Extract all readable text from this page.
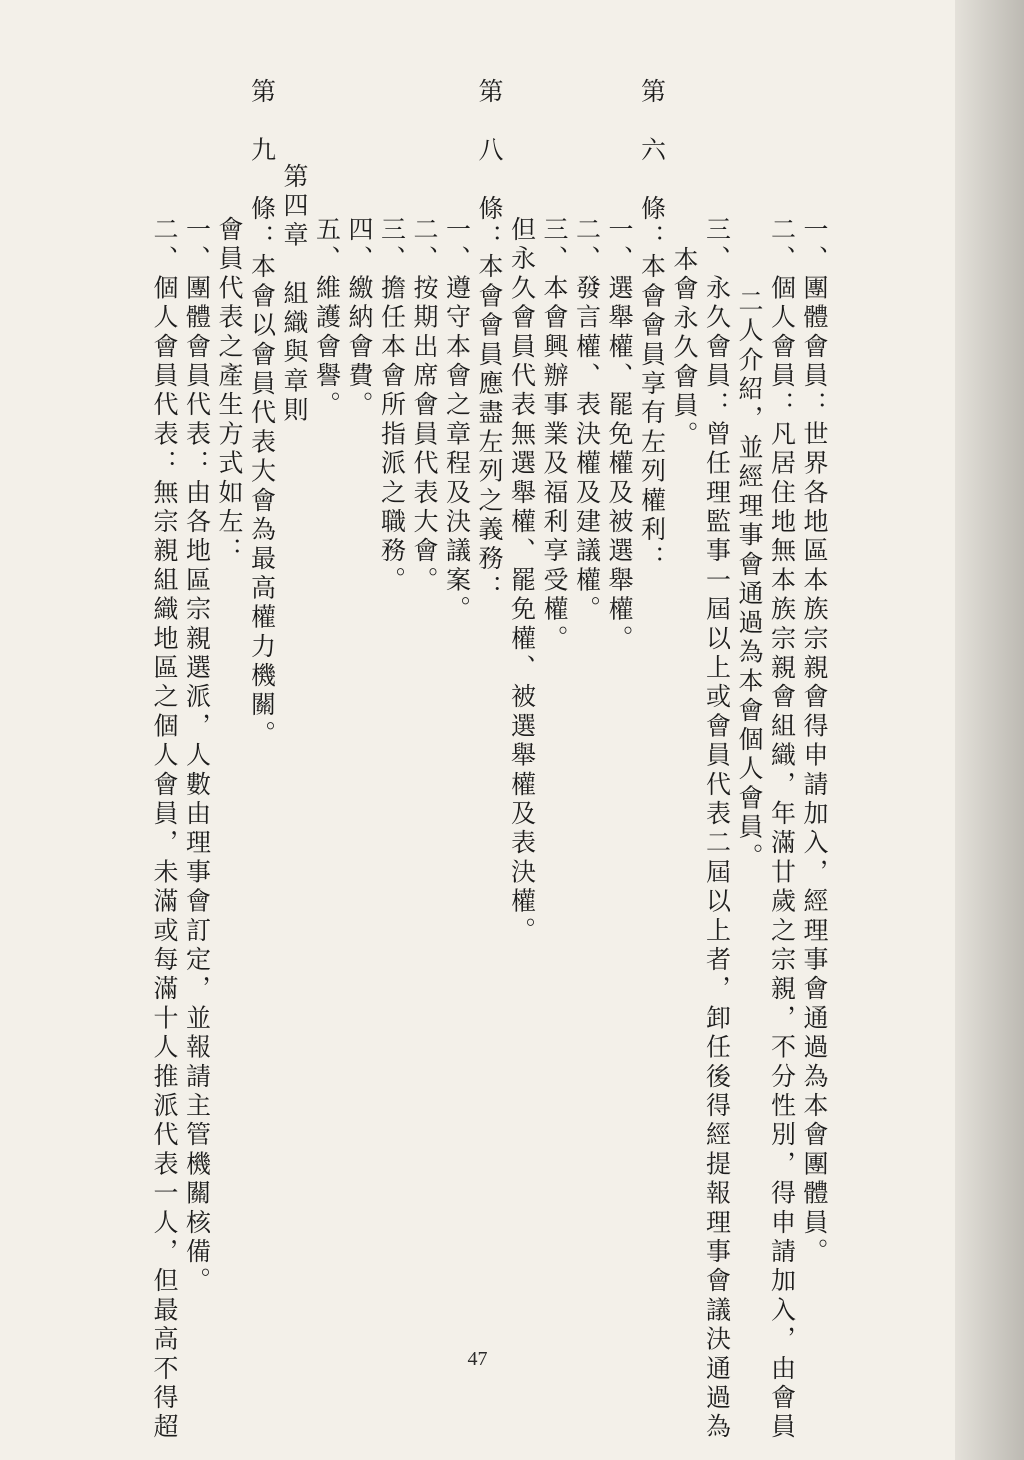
一、團體會員：世界各地區本族宗親會得申請加入，經理事會通過為本會團體員。
二、個人會員：凡居住地無本族宗親會組織，年滿廿歲之宗親，不分性別，得申請加入，由會員
二人介紹，並經理事會通過為本會個人會員。
三、永久會員：曾任理監事一屆以上或會員代表二屆以上者，卸任後得經提報理事會議決通過為
本會永久會員。
第　六　條：本會會員享有左列權利：
一、選舉權、罷免權及被選舉權。
二、發言權、表決權及建議權。
三、本會興辦事業及福利享受權。
但永久會員代表無選舉權、罷免權、被選舉權及表決權。
第　八　條：本會會員應盡左列之義務：
一、遵守本會之章程及決議案。
二、按期出席會員代表大會。
三、擔任本會所指派之職務。
四、繳納會費。
五、維護會譽。
第四章　組織與章則
第　九　條：本會以會員代表大會為最高權力機關。
會員代表之產生方式如左：
一、團體會員代表：由各地區宗親選派，人數由理事會訂定，並報請主管機關核備。
二、個人會員代表：無宗親組織地區之個人會員，未滿或每滿十人推派代表一人，但最高不得超	47
